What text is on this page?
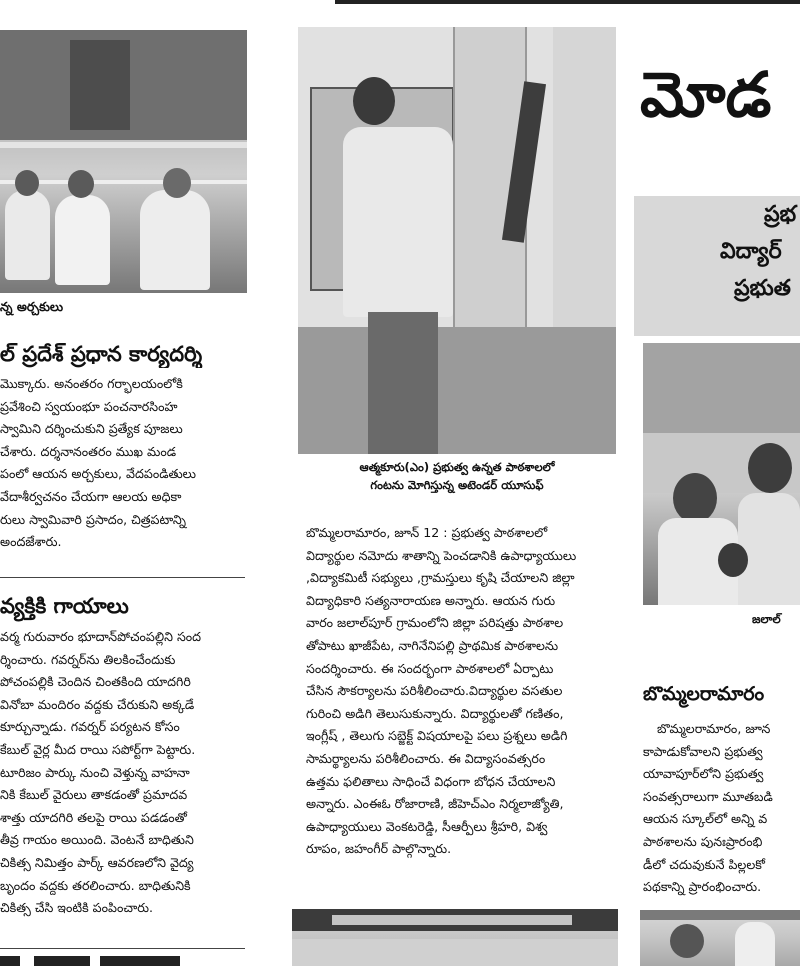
న్న అర్చకులు
ల్ ప్రదేశ్ ప్రధాన కార్యదర్శి

మొక్కారు. అనంతరం గర్భాలయంలోకి

ప్రవేశించి స్వయంభూ పంచనారసింహ

స్వామిని దర్శించుకుని ప్రత్యేక పూజలు

చేశారు. దర్శనానంతరం ముఖ మండ

పంలో ఆయన అర్చకులు, వేదపండితులు

వేదాశీర్వచనం చేయగా ఆలయ అధికా

రులు స్వామివారి ప్రసాదం, చిత్రపటాన్ని

అందజేశారు.

వ్యక్తికి గాయాలు

వర్మ గురువారం భూదాన్‌పోచంపల్లిని సంద

ర్శించారు. గవర్నర్‌ను తిలకించేందుకు

పోచంపల్లికి చెందిన చింతకింది యాదగిరి

వినోబా మందిరం వద్దకు చేరుకుని అక్కడే

కూర్చున్నాడు. గవర్నర్ పర్యటన కోసం

కేబుల్ వైర్ల మీద రాయి సపోర్ట్‌గా పెట్టారు.

టూరిజం పార్కు నుంచి వెళ్తున్న వాహనా

నికి కేబుల్ వైరులు తాకడంతో ప్రమాదవ

శాత్తు యాదగిరి తలపై రాయి పడడంతో

తీవ్ర గాయం అయింది. వెంటనే బాధితుని

చికిత్స నిమిత్తం పార్క్ ఆవరణలోని వైద్య

బృందం వద్దకు తరలించారు. బాధితునికి

చికిత్స చేసి ఇంటికి పంపించారు.

ఆత్మకూరు(ఎం) ప్రభుత్వ ఉన్నత పాఠశాలలో
గంటను మోగిస్తున్న అటెండర్ యూసుఫ్

బొమ్మలరామారం, జూన్ 12 : ప్రభుత్వ పాఠశాలలో

విద్యార్థుల నమోదు శాతాన్ని పెంచడానికి ఉపాధ్యాయులు

,విద్యాకమిటీ సభ్యులు ,గ్రామస్తులు కృషి చేయాలని జిల్లా

విద్యాధికారి సత్యనారాయణ అన్నారు. ఆయన గురు

వారం జలాల్‌పూర్ గ్రామంలోని జిల్లా పరిషత్తు పాఠశాల

తోపాటు ఖాజీపేట, నాగినేనిపల్లి ప్రాథమిక పాఠశాలను

సందర్శించారు. ఈ సందర్భంగా పాఠశాలలో ఏర్పాటు

చేసిన సౌకర్యాలను పరిశీలించారు.విద్యార్థుల వసతుల

గురించి అడిగి తెలుసుకున్నారు. విద్యార్థులతో గణితం,

ఇంగ్లీష్ , తెలుగు సబ్జెక్ట్ విషయాలపై పలు ప్రశ్నలు అడిగి

సామర్థ్యాలను పరిశీలించారు. ఈ విద్యాసంవత్సరం

ఉత్తమ ఫలితాలు సాధించే విధంగా బోధన చేయాలని

అన్నారు. ఎంఈఓ రోజారాణి, జీహెచ్ఎం నిర్మలాజ్యోతి,

ఉపాధ్యాయులు వెంకటరెడ్డి, సీఆర్పీలు శ్రీహరి, విశ్వ

రూపం, జహంగీర్ పాల్గొన్నారు.

మోడ

ప్రభ

విద్యార్

ప్రభుత

జలాల్
బొమ్మలరామారం

బొమ్మలరామారం, జూన

కాపాడుకోవాలని ప్రభుత్వ

యావాపూర్‌లోని ప్రభుత్వ

సంవత్సరాలుగా మూతబడి

ఆయన స్కూల్‌లో అన్ని వ

పాఠశాలను పునఃప్రారంభి

డీలో చదువుకునే పిల్లలకో

పథకాన్ని ప్రారంభించారు.
